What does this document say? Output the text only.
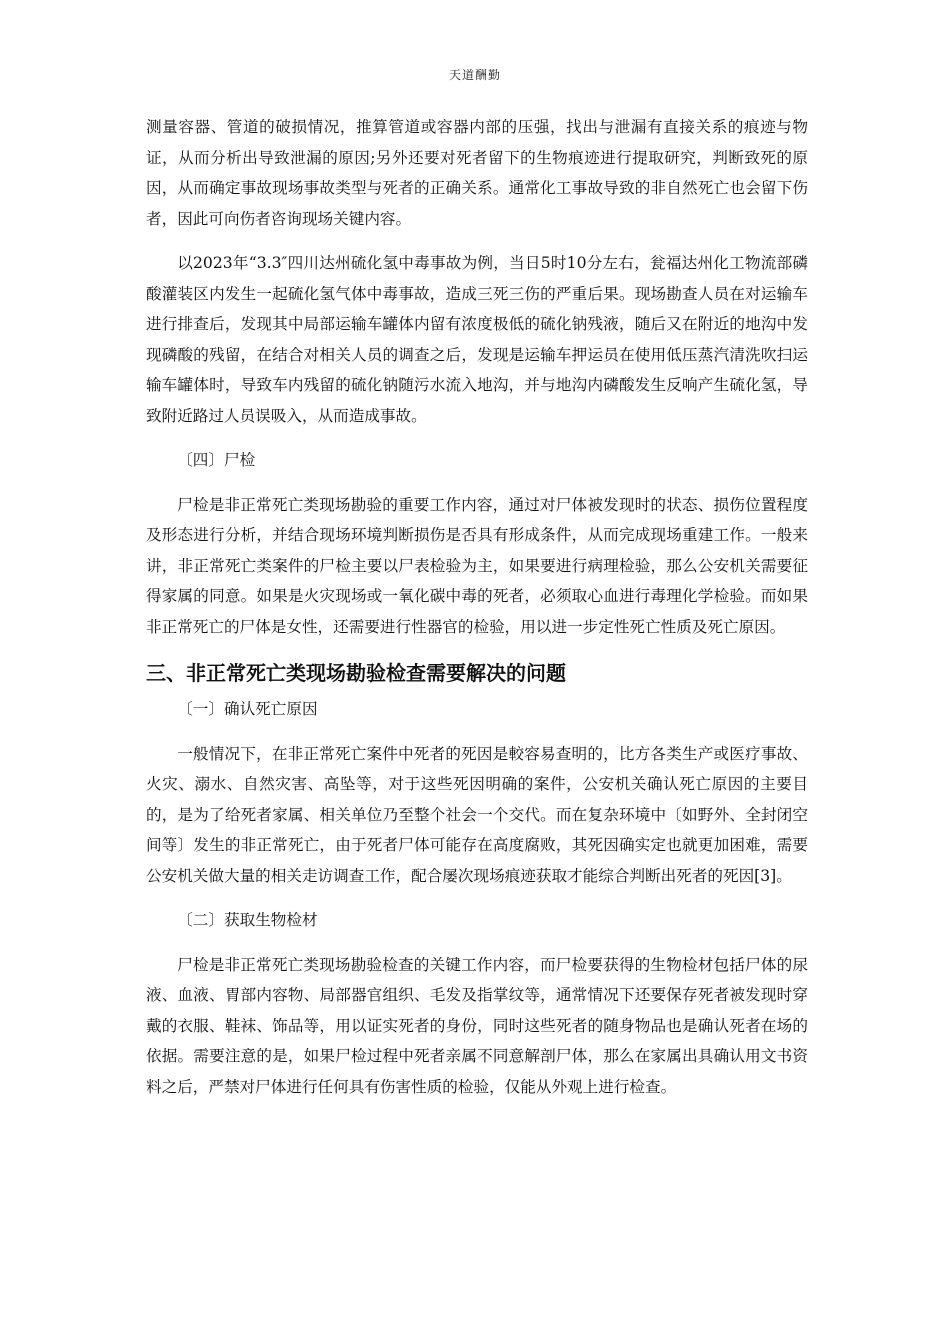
天道酬勤

测量容器、管道的破损情况，推算管道或容器内部的压强，找出与泄漏有直接关系的痕迹与物证，从而分析出导致泄漏的原因;另外还要对死者留下的生物痕迹进行提取研究，判断致死的原因，从而确定事故现场事故类型与死者的正确关系。通常化工事故导致的非自然死亡也会留下伤者，因此可向伤者咨询现场关键内容。

以2023年“3.3″四川达州硫化氢中毒事故为例，当日5时10分左右，瓮福达州化工物流部磷酸灌装区内发生一起硫化氢气体中毒事故，造成三死三伤的严重后果。现场勘查人员在对运输车进行排查后，发现其中局部运输车罐体内留有浓度极低的硫化钠残液，随后又在附近的地沟中发现磷酸的残留，在结合对相关人员的调查之后，发现是运输车押运员在使用低压蒸汽清洗吹扫运输车罐体时，导致车内残留的硫化钠随污水流入地沟，并与地沟内磷酸发生反响产生硫化氢，导致附近路过人员误吸入，从而造成事故。

〔四〕尸检

尸检是非正常死亡类现场勘验的重要工作内容，通过对尸体被发现时的状态、损伤位置程度及形态进行分析，并结合现场环境判断损伤是否具有形成条件，从而完成现场重建工作。一般来讲，非正常死亡类案件的尸检主要以尸表检验为主，如果要进行病理检验，那么公安机关需要征得家属的同意。如果是火灾现场或一氧化碳中毒的死者，必须取心血进行毒理化学检验。而如果非正常死亡的尸体是女性，还需要进行性器官的检验，用以进一步定性死亡性质及死亡原因。

三、非正常死亡类现场勘验检查需要解决的问题

〔一〕确认死亡原因

一般情况下，在非正常死亡案件中死者的死因是較容易查明的，比方各类生产或医疗事故、火灾、溺水、自然灾害、高坠等，对于这些死因明确的案件，公安机关确认死亡原因的主要目的，是为了给死者家属、相关单位乃至整个社会一个交代。而在复杂环境中〔如野外、全封闭空间等〕发生的非正常死亡，由于死者尸体可能存在高度腐败，其死因确实定也就更加困难，需要公安机关做大量的相关走访调查工作，配合屡次现场痕迹获取才能综合判断出死者的死因[3]。

〔二〕获取生物检材

尸检是非正常死亡类现场勘验检查的关键工作内容，而尸检要获得的生物检材包括尸体的尿液、血液、胃部内容物、局部器官组织、毛发及指掌纹等，通常情况下还要保存死者被发现时穿戴的衣服、鞋袜、饰品等，用以证实死者的身份，同时这些死者的随身物品也是确认死者在场的依据。需要注意的是，如果尸检过程中死者亲属不同意解剖尸体，那么在家属出具确认用文书资料之后，严禁对尸体进行任何具有伤害性质的检验，仅能从外观上进行检查。
